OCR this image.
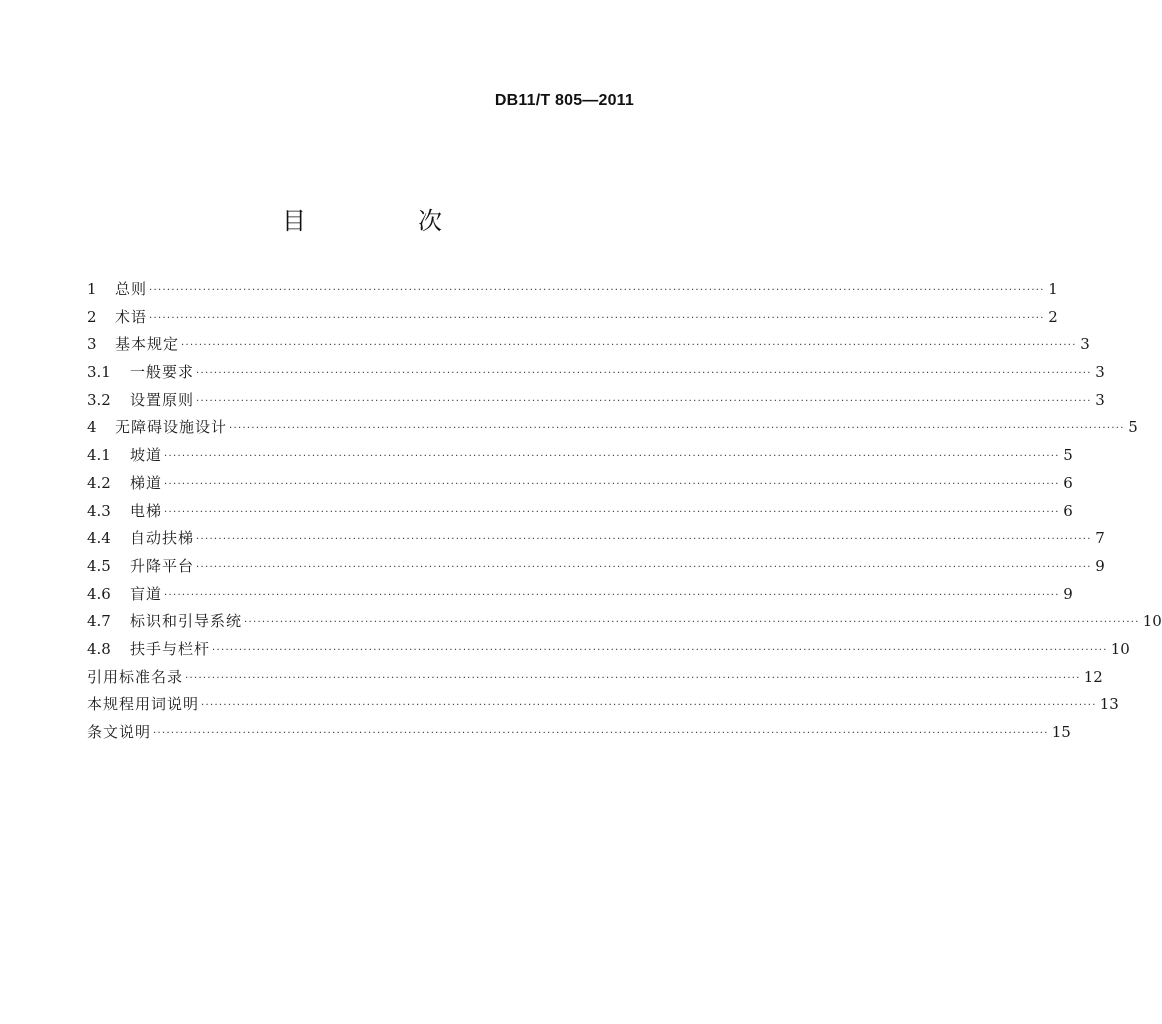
DB11/T 805—2011
目　次
1	总则 ········································································································································································································ 1
2	术语 ········································································································································································································ 2
3	基本规定 ········································································································································································································ 3
3.1	一般要求 ········································································································································································································ 3
3.2	设置原则 ········································································································································································································ 3
4	无障碍设施设计 ········································································································································································································ 5
4.1	坡道 ········································································································································································································ 5
4.2	梯道 ········································································································································································································ 6
4.3	电梯 ········································································································································································································ 6
4.4	自动扶梯 ········································································································································································································ 7
4.5	升降平台 ········································································································································································································ 9
4.6	盲道 ········································································································································································································ 9
4.7	标识和引导系统 ········································································································································································································ 10
4.8	扶手与栏杆 ········································································································································································································ 10
引用标准名录 ········································································································································································································ 12
本规程用词说明 ········································································································································································································ 13
条文说明 ········································································································································································································ 15
